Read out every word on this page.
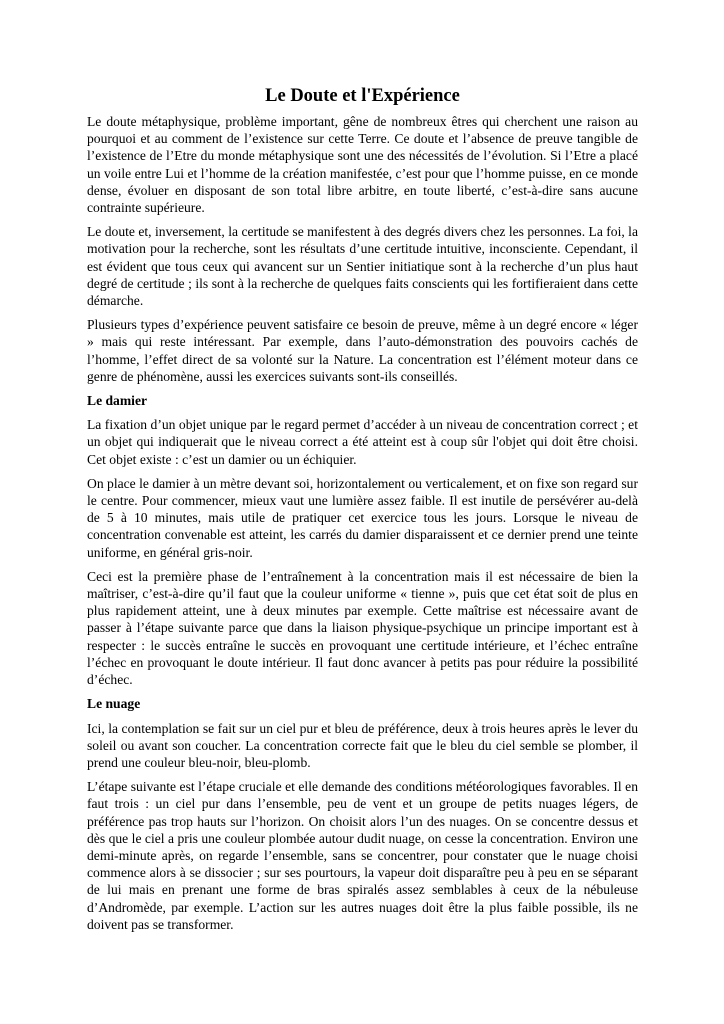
Le Doute et l'Expérience

Le doute métaphysique, problème important, gêne de nombreux êtres qui cherchent une raison au pourquoi et au comment de l’existence sur cette Terre. Ce doute et l’absence de preuve tangible de l’existence de l’Etre du monde métaphysique sont une des nécessités de l’évolution. Si l’Etre a placé un voile entre Lui et l’homme de la création manifestée, c’est pour que l’homme puisse, en ce monde dense, évoluer en disposant de son total libre arbitre, en toute liberté, c’est-à-dire sans aucune contrainte supérieure.

Le doute et, inversement, la certitude se manifestent à des degrés divers chez les personnes. La foi, la motivation pour la recherche, sont les résultats d’une certitude intuitive, inconsciente. Cependant, il est évident que tous ceux qui avancent sur un Sentier initiatique sont à la recherche d’un plus haut degré de certitude ; ils sont à la recherche de quelques faits conscients qui les fortifieraient dans cette démarche.

Plusieurs types d’expérience peuvent satisfaire ce besoin de preuve, même à un degré encore « léger » mais qui reste intéressant. Par exemple, dans l’auto-démonstration des pouvoirs cachés de l’homme, l’effet direct de sa volonté sur la Nature. La concentration est l’élément moteur dans ce genre de phénomène, aussi les exercices suivants sont-ils conseillés.

Le damier

La fixation d’un objet unique par le regard permet d’accéder à un niveau de concentration correct ; et un objet qui indiquerait que le niveau correct a été atteint est à coup sûr l'objet qui doit être choisi. Cet objet existe : c’est un damier ou un échiquier.

On place le damier à un mètre devant soi, horizontalement ou verticalement, et on fixe son regard sur le centre. Pour commencer, mieux vaut une lumière assez faible. Il est inutile de persévérer au-delà de 5 à 10 minutes, mais utile de pratiquer cet exercice tous les jours. Lorsque le niveau de concentration convenable est atteint, les carrés du damier disparaissent et ce dernier prend une teinte uniforme, en général gris-noir.

Ceci est la première phase de l’entraînement à la concentration mais il est nécessaire de bien la maîtriser, c’est-à-dire qu’il faut que la couleur uniforme « tienne », puis que cet état soit de plus en plus rapidement atteint, une à deux minutes par exemple. Cette maîtrise est nécessaire avant de passer à l’étape suivante parce que dans la liaison physique-psychique un principe important est à respecter : le succès entraîne le succès en provoquant une certitude intérieure, et l’échec entraîne l’échec en provoquant le doute intérieur. Il faut donc avancer à petits pas pour réduire la possibilité d’échec.

Le nuage

Ici, la contemplation se fait sur un ciel pur et bleu de préférence, deux à trois heures après le lever du soleil ou avant son coucher. La concentration correcte fait que le bleu du ciel semble se plomber, il prend une couleur bleu-noir, bleu-plomb.

L’étape suivante est l’étape cruciale et elle demande des conditions météorologiques favorables. Il en faut trois : un ciel pur dans l’ensemble, peu de vent et un groupe de petits nuages légers, de préférence pas trop hauts sur l’horizon. On choisit alors l’un des nuages. On se concentre dessus et dès que le ciel a pris une couleur plombée autour dudit nuage, on cesse la concentration. Environ une demi-minute après, on regarde l’ensemble, sans se concentrer, pour constater que le nuage choisi commence alors à se dissocier ; sur ses pourtours, la vapeur doit disparaître peu à peu en se séparant de lui mais en prenant une forme de bras spiralés assez semblables à ceux de la nébuleuse d’Andromède, par exemple. L’action sur les autres nuages doit être la plus faible possible, ils ne doivent pas se transformer.
